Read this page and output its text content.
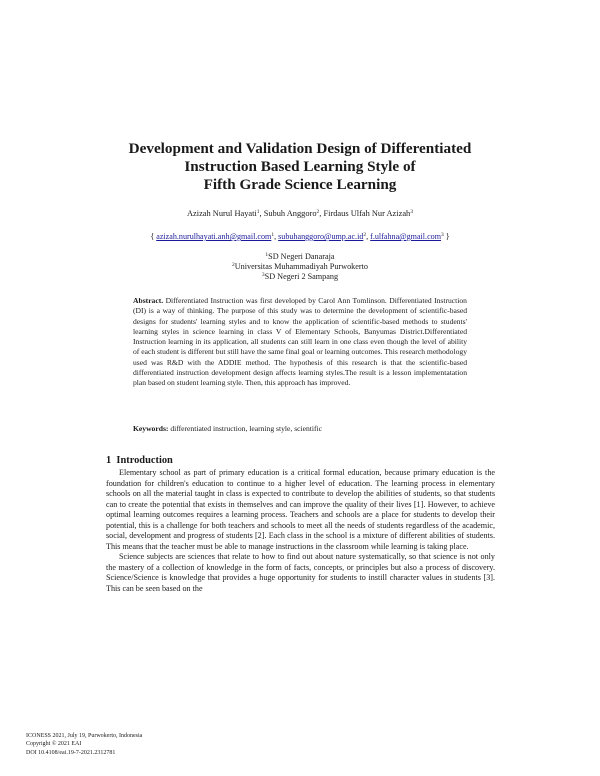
Development and Validation Design of Differentiated
Instruction Based Learning Style of
Fifth Grade Science Learning
Azizah Nurul Hayati$^1$, Subuh Anggoro$^2$, Firdaus Ulfah Nur Azizah$^3$
{ azizah.nurulhayati.anh@gmail.com$^1$, $subuhanggoro@ump.ac.id^2$, f.ulfahna@gmail.com$^3$ }
$^1$SD Negeri Danaraja
$^2$Universitas Muhammadiyah Purwokerto
$^3$SD Negeri 2 Sampang
Abstract. Differentiated Instruction was first developed by Carol Ann Tomlinson. Differentiated Instruction (DI) is a way of thinking. The purpose of this study was to determine the development of scientific-based designs for students' learning styles and to know the application of scientific-based methods to students' learning styles in science learning in class V of Elementary Schools, Banyumas District.Differentiated Instruction learning in its application, all students can still learn in one class even though the level of ability of each student is different but still have the same final goal or learning outcomes. This research methodology used was R&D with the ADDIE method. The hypothesis of this research is that the scientific-based differentiated instruction development design affects learning styles.The result is a lesson implementatation plan based on student learning style. Then, this approach has improved.
Keywords: differentiated instruction, learning style, scientific
1 Introduction

Elementary school as part of primary education is a critical formal education, because primary education is the foundation for children's education to continue to a higher level of education. The learning process in elementary schools on all the material taught in class is expected to contribute to develop the abilities of students, so that students can to create the potential that exists in themselves and can improve the quality of their lives [1]. However, to achieve optimal learning outcomes requires a learning process. Teachers and schools are a place for students to develop their potential, this is a challenge for both teachers and schools to meet all the needs of students regardless of the academic, social, development and progress of students [2]. Each class in the school is a mixture of different abilities of students. This means that the teacher must be able to manage instructions in the classroom while learning is taking place.

Science subjects are sciences that relate to how to find out about nature systematically, so that science is not only the mastery of a collection of knowledge in the form of facts, concepts, or principles but also a process of discovery. Science/Science is knowledge that provides a huge opportunity for students to instill character values in students [3]. This can be seen based on the

ICONESS 2021, July 19, Purwokerto, Indonesia
Copyright © 2021 EAI
DOI 10.4108/eai.19-7-2021.2312781
